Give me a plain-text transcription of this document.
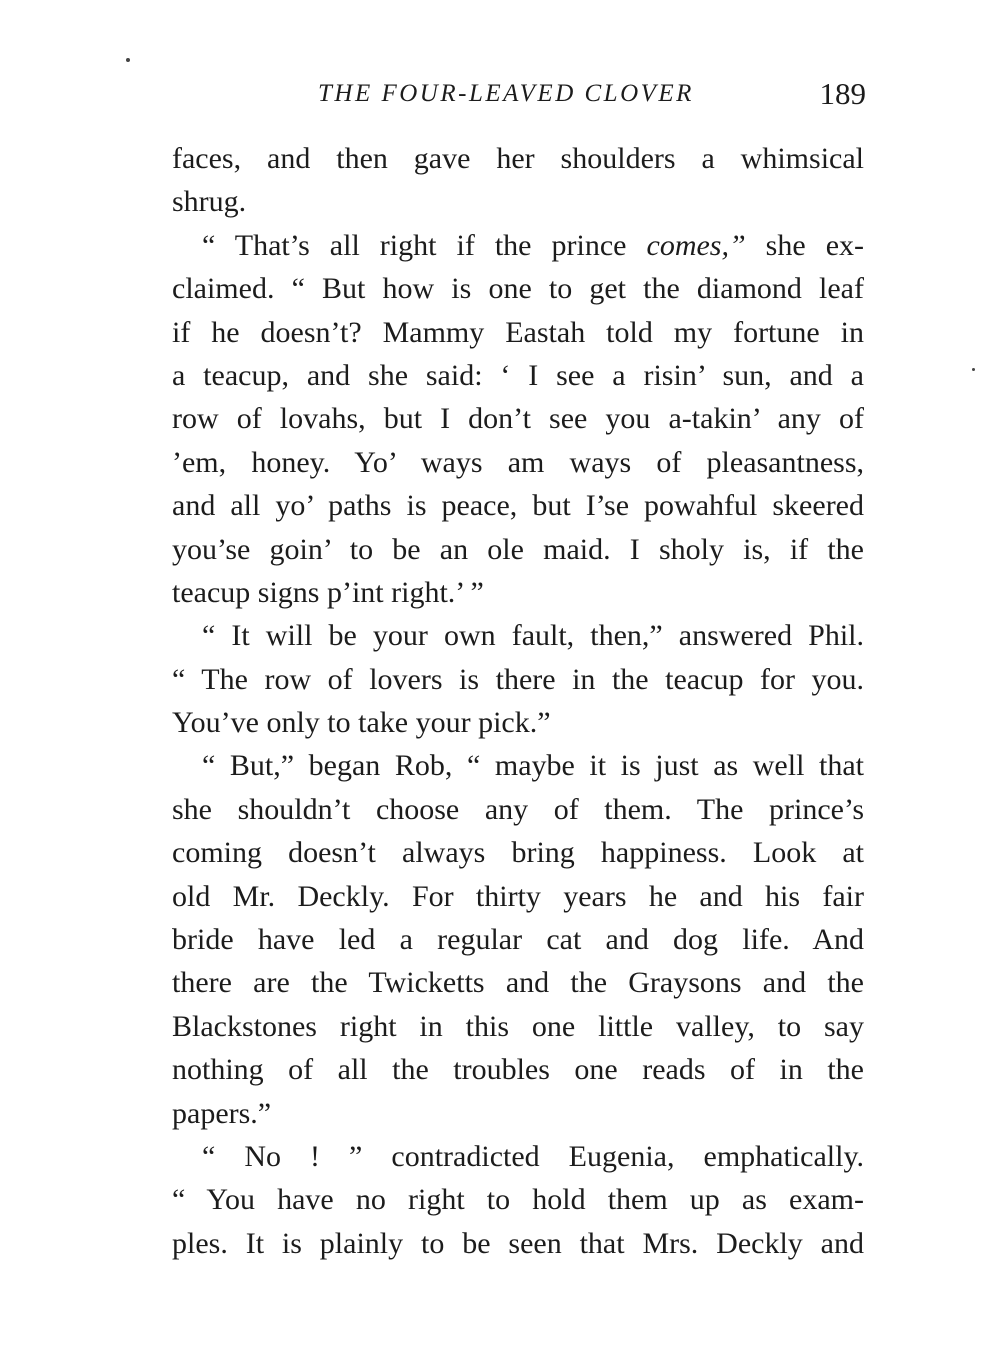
THE FOUR-LEAVED CLOVER	189
faces, and then gave her shoulders a whimsical
shrug.
“ That’s all right if the prince comes,” she ex-
claimed. “ But how is one to get the diamond leaf
if he doesn’t? Mammy Eastah told my fortune in
a teacup, and she said: ‘ I see a risin’ sun, and a
row of lovahs, but I don’t see you a-takin’ any of
’em, honey. Yo’ ways am ways of pleasantness,
and all yo’ paths is peace, but I’se powahful skeered
you’se goin’ to be an ole maid. I sholy is, if the
teacup signs p’int right.’ ”
“ It will be your own fault, then,” answered Phil.
“ The row of lovers is there in the teacup for you.
You’ve only to take your pick.”
“ But,” began Rob, “ maybe it is just as well that
she shouldn’t choose any of them. The prince’s
coming doesn’t always bring happiness. Look at
old Mr. Deckly. For thirty years he and his fair
bride have led a regular cat and dog life. And
there are the Twicketts and the Graysons and the
Blackstones right in this one little valley, to say
nothing of all the troubles one reads of in the
papers.”
“ No ! ” contradicted Eugenia, emphatically.
“ You have no right to hold them up as exam-
ples. It is plainly to be seen that Mrs. Deckly and
